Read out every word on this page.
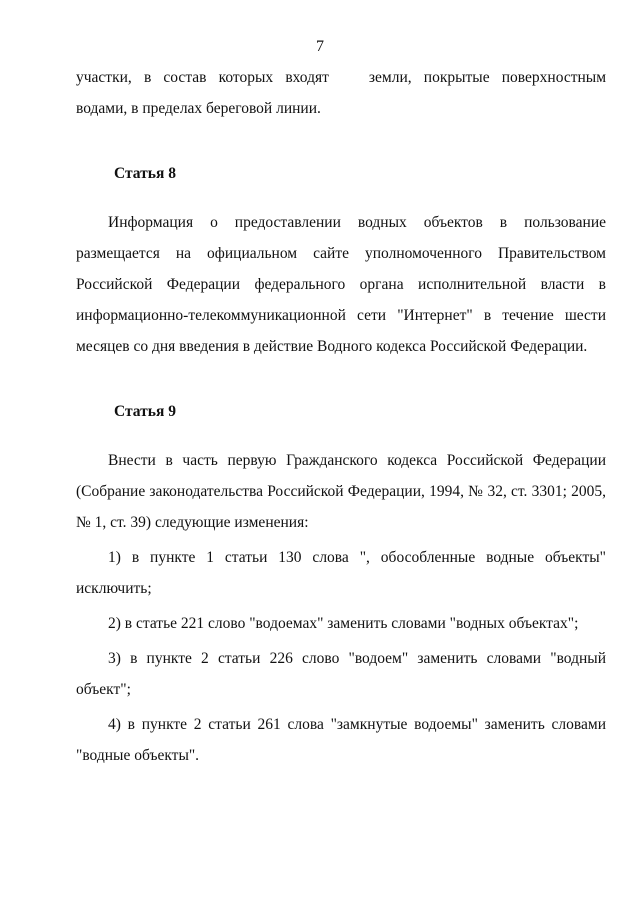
7

участки, в состав которых входят	земли, покрытые поверхностным

водами, в пределах береговой линии.

Статья 8

Информация о предоставлении водных объектов в пользование размещается на официальном сайте уполномоченного Правительством Российской Федерации федерального органа исполнительной власти в информационно-телекоммуникационной сети "Интернет" в течение шести месяцев со дня введения в действие Водного кодекса Российской Федерации.

Статья 9

Внести в часть первую Гражданского кодекса Российской Федерации (Собрание законодательства Российской Федерации, 1994, № 32, ст. 3301; 2005, № 1, ст. 39) следующие изменения:

1) в пункте 1 статьи 130 слова ", обособленные водные объекты" исключить;

2) в статье 221 слово "водоемах" заменить словами "водных объектах";

3) в пункте 2 статьи 226 слово "водоем" заменить словами "водный объект";

4) в пункте 2 статьи 261 слова "замкнутые водоемы" заменить словами "водные объекты".
